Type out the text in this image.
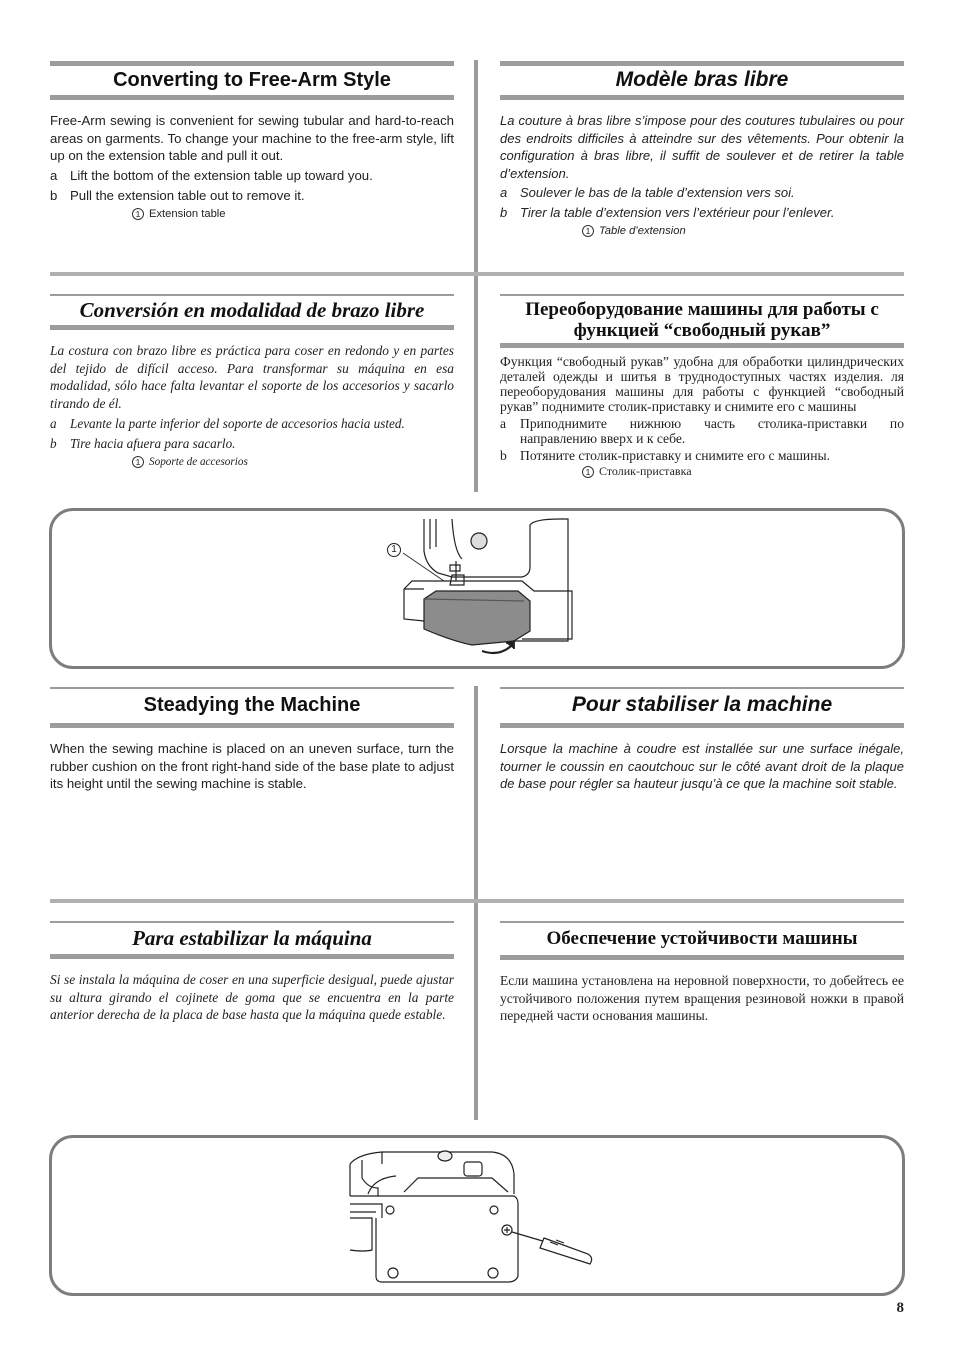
Converting to Free-Arm Style
Free-Arm sewing is convenient for sewing tubular and hard-to-reach areas on garments. To change your machine to the free-arm style, lift up on the extension table and pull it out.
a Lift the bottom of the extension table up toward you.
b Pull the extension table out to remove it.
1 Extension table
Modèle bras libre
La couture à bras libre s’impose pour des coutures tubulaires ou pour des endroits difficiles à atteindre sur des vêtements. Pour obtenir la configuration à bras libre, il suffit de soulever et de retirer la table d’extension.
a Soulever le bas de la table d’extension vers soi.
b Tirer la table d’extension vers l’extérieur pour l’enlever.
1 Table d’extension
Conversión en modalidad de brazo libre
La costura con brazo libre es práctica para coser en redondo y en partes del tejido de difícil acceso. Para transformar su máquina en esa modalidad, sólo hace falta levantar el soporte de los accesorios y sacarlo tirando de él.
a	Levante la parte inferior del soporte de accesorios hacia usted.
b	Tire hacia afuera para sacarlo.
1 Soporte de accesorios
Переоборудование машины для работы с функцией “свободный рукав”
Функция “свободный рукав” удобна для обработки цилиндрических деталей одежды и шитья в труднодоступных частях изделия. ля переоборудования машины для работы с функцией “свободный рукав” поднимите столик-приставку и снимите его с машины
a	Приподнимите нижнюю часть столика-приставки по направлению вверх и к себе.
b Потяните столик-приставку и снимите его с машины.
1 Столик-приставка
1
Steadying the Machine
When the sewing machine is placed on an uneven surface, turn the rubber cushion on the front right-hand side of the base plate to adjust its height until the sewing machine is stable.
Pour stabiliser la machine
Lorsque la machine à coudre est installée sur une surface inégale, tourner le coussin en caoutchouc sur le côté avant droit de la plaque de base pour régler sa hauteur jusqu’à ce que la machine soit stable.
Para estabilizar la máquina
Si se instala la máquina de coser en una superficie desigual, puede ajustar su altura girando el cojinete de goma que se encuentra en la parte anterior derecha de la placa de base hasta que la máquina quede estable.
Обеспечение устойчивости машины
Если машина установлена на неровной поверхности, то добейтесь ее устойчивого положения путем вращения резиновой ножки в правой передней части основания машины.
8
